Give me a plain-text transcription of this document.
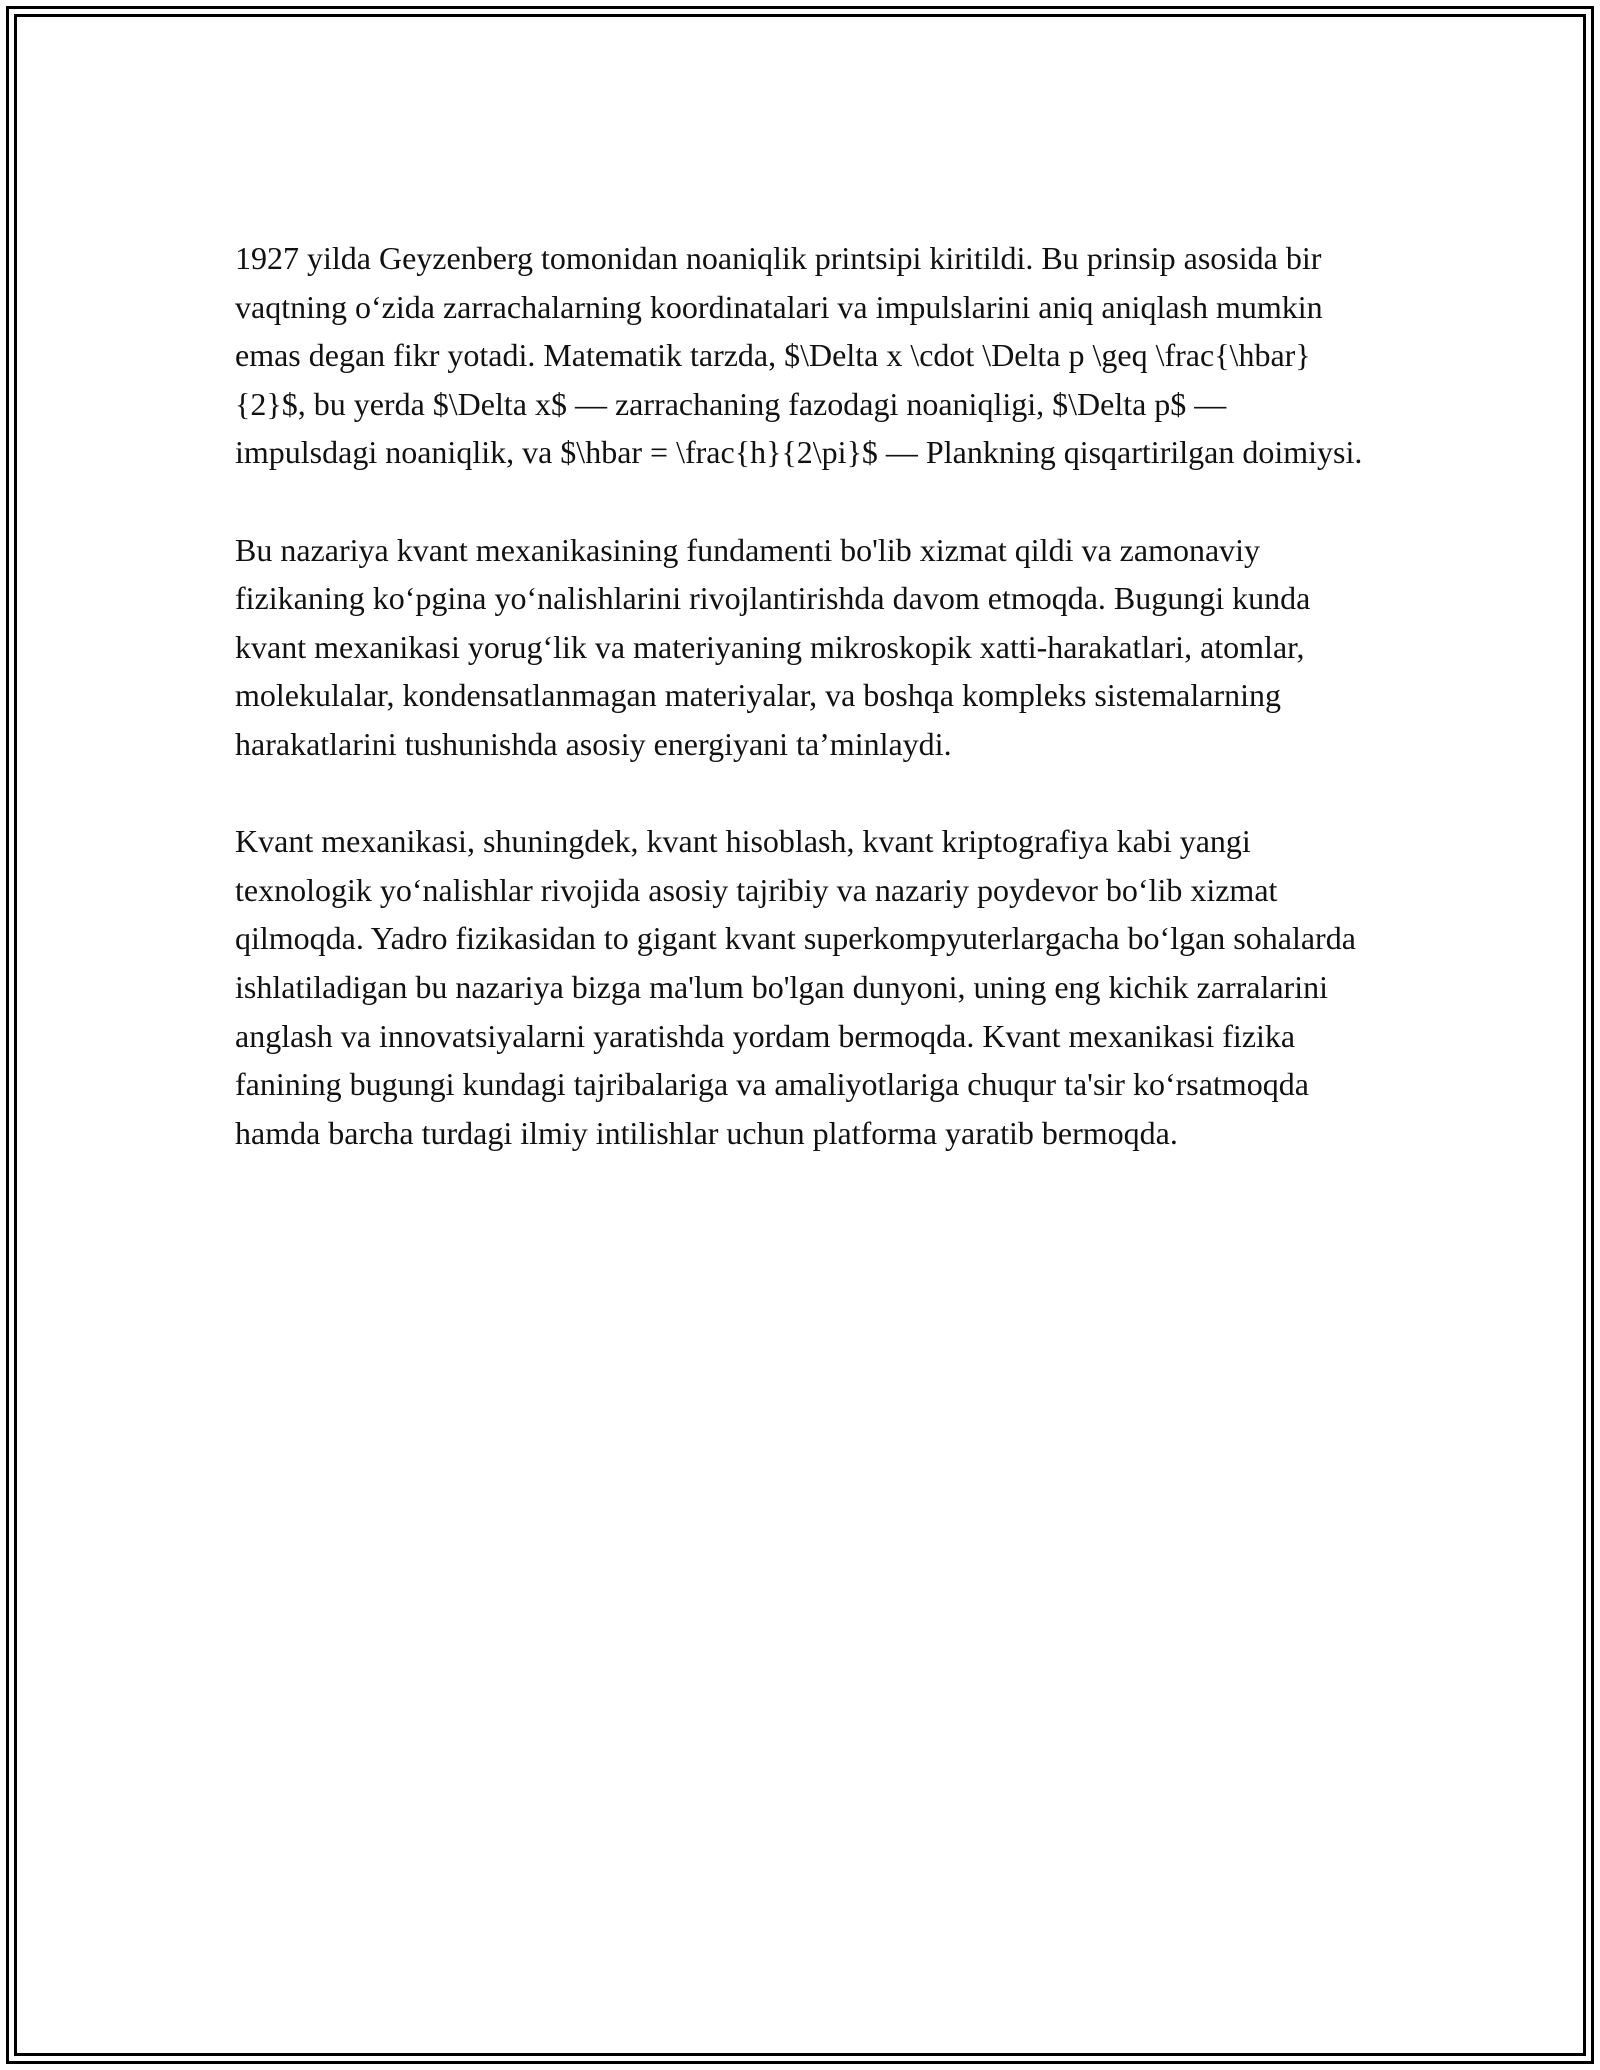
1927 yilda Geyzenberg tomonidan noaniqlik printsipi kiritildi. Bu prinsip asosida bir vaqtning o‘zida zarrachalarning koordinatalari va impulslarini aniq aniqlash mumkin emas degan fikr yotadi. Matematik tarzda, $\Delta x \cdot \Delta p \geq \frac{\hbar}{2}$, bu yerda $\Delta x$ — zarrachaning fazodagi noaniqligi, $\Delta p$ — impulsdagi noaniqlik, va $\hbar = \frac{h}{2\pi}$ — Plankning qisqartirilgan doimiysi.

Bu nazariya kvant mexanikasining fundamenti bo'lib xizmat qildi va zamonaviy fizikaning ko‘pgina yo‘nalishlarini rivojlantirishda davom etmoqda. Bugungi kunda kvant mexanikasi yorug‘lik va materiyaning mikroskopik xatti-harakatlari, atomlar, molekulalar, kondensatlanmagan materiyalar, va boshqa kompleks sistemalarning harakatlarini tushunishda asosiy energiyani ta’minlaydi.

Kvant mexanikasi, shuningdek, kvant hisoblash, kvant kriptografiya kabi yangi texnologik yo‘nalishlar rivojida asosiy tajribiy va nazariy poydevor bo‘lib xizmat qilmoqda. Yadro fizikasidan to gigant kvant superkompyuterlargacha bo‘lgan sohalarda ishlatiladigan bu nazariya bizga ma'lum bo'lgan dunyoni, uning eng kichik zarralarini anglash va innovatsiyalarni yaratishda yordam bermoqda. Kvant mexanikasi fizika fanining bugungi kundagi tajribalariga va amaliyotlariga chuqur ta'sir ko‘rsatmoqda hamda barcha turdagi ilmiy intilishlar uchun platforma yaratib bermoqda.
